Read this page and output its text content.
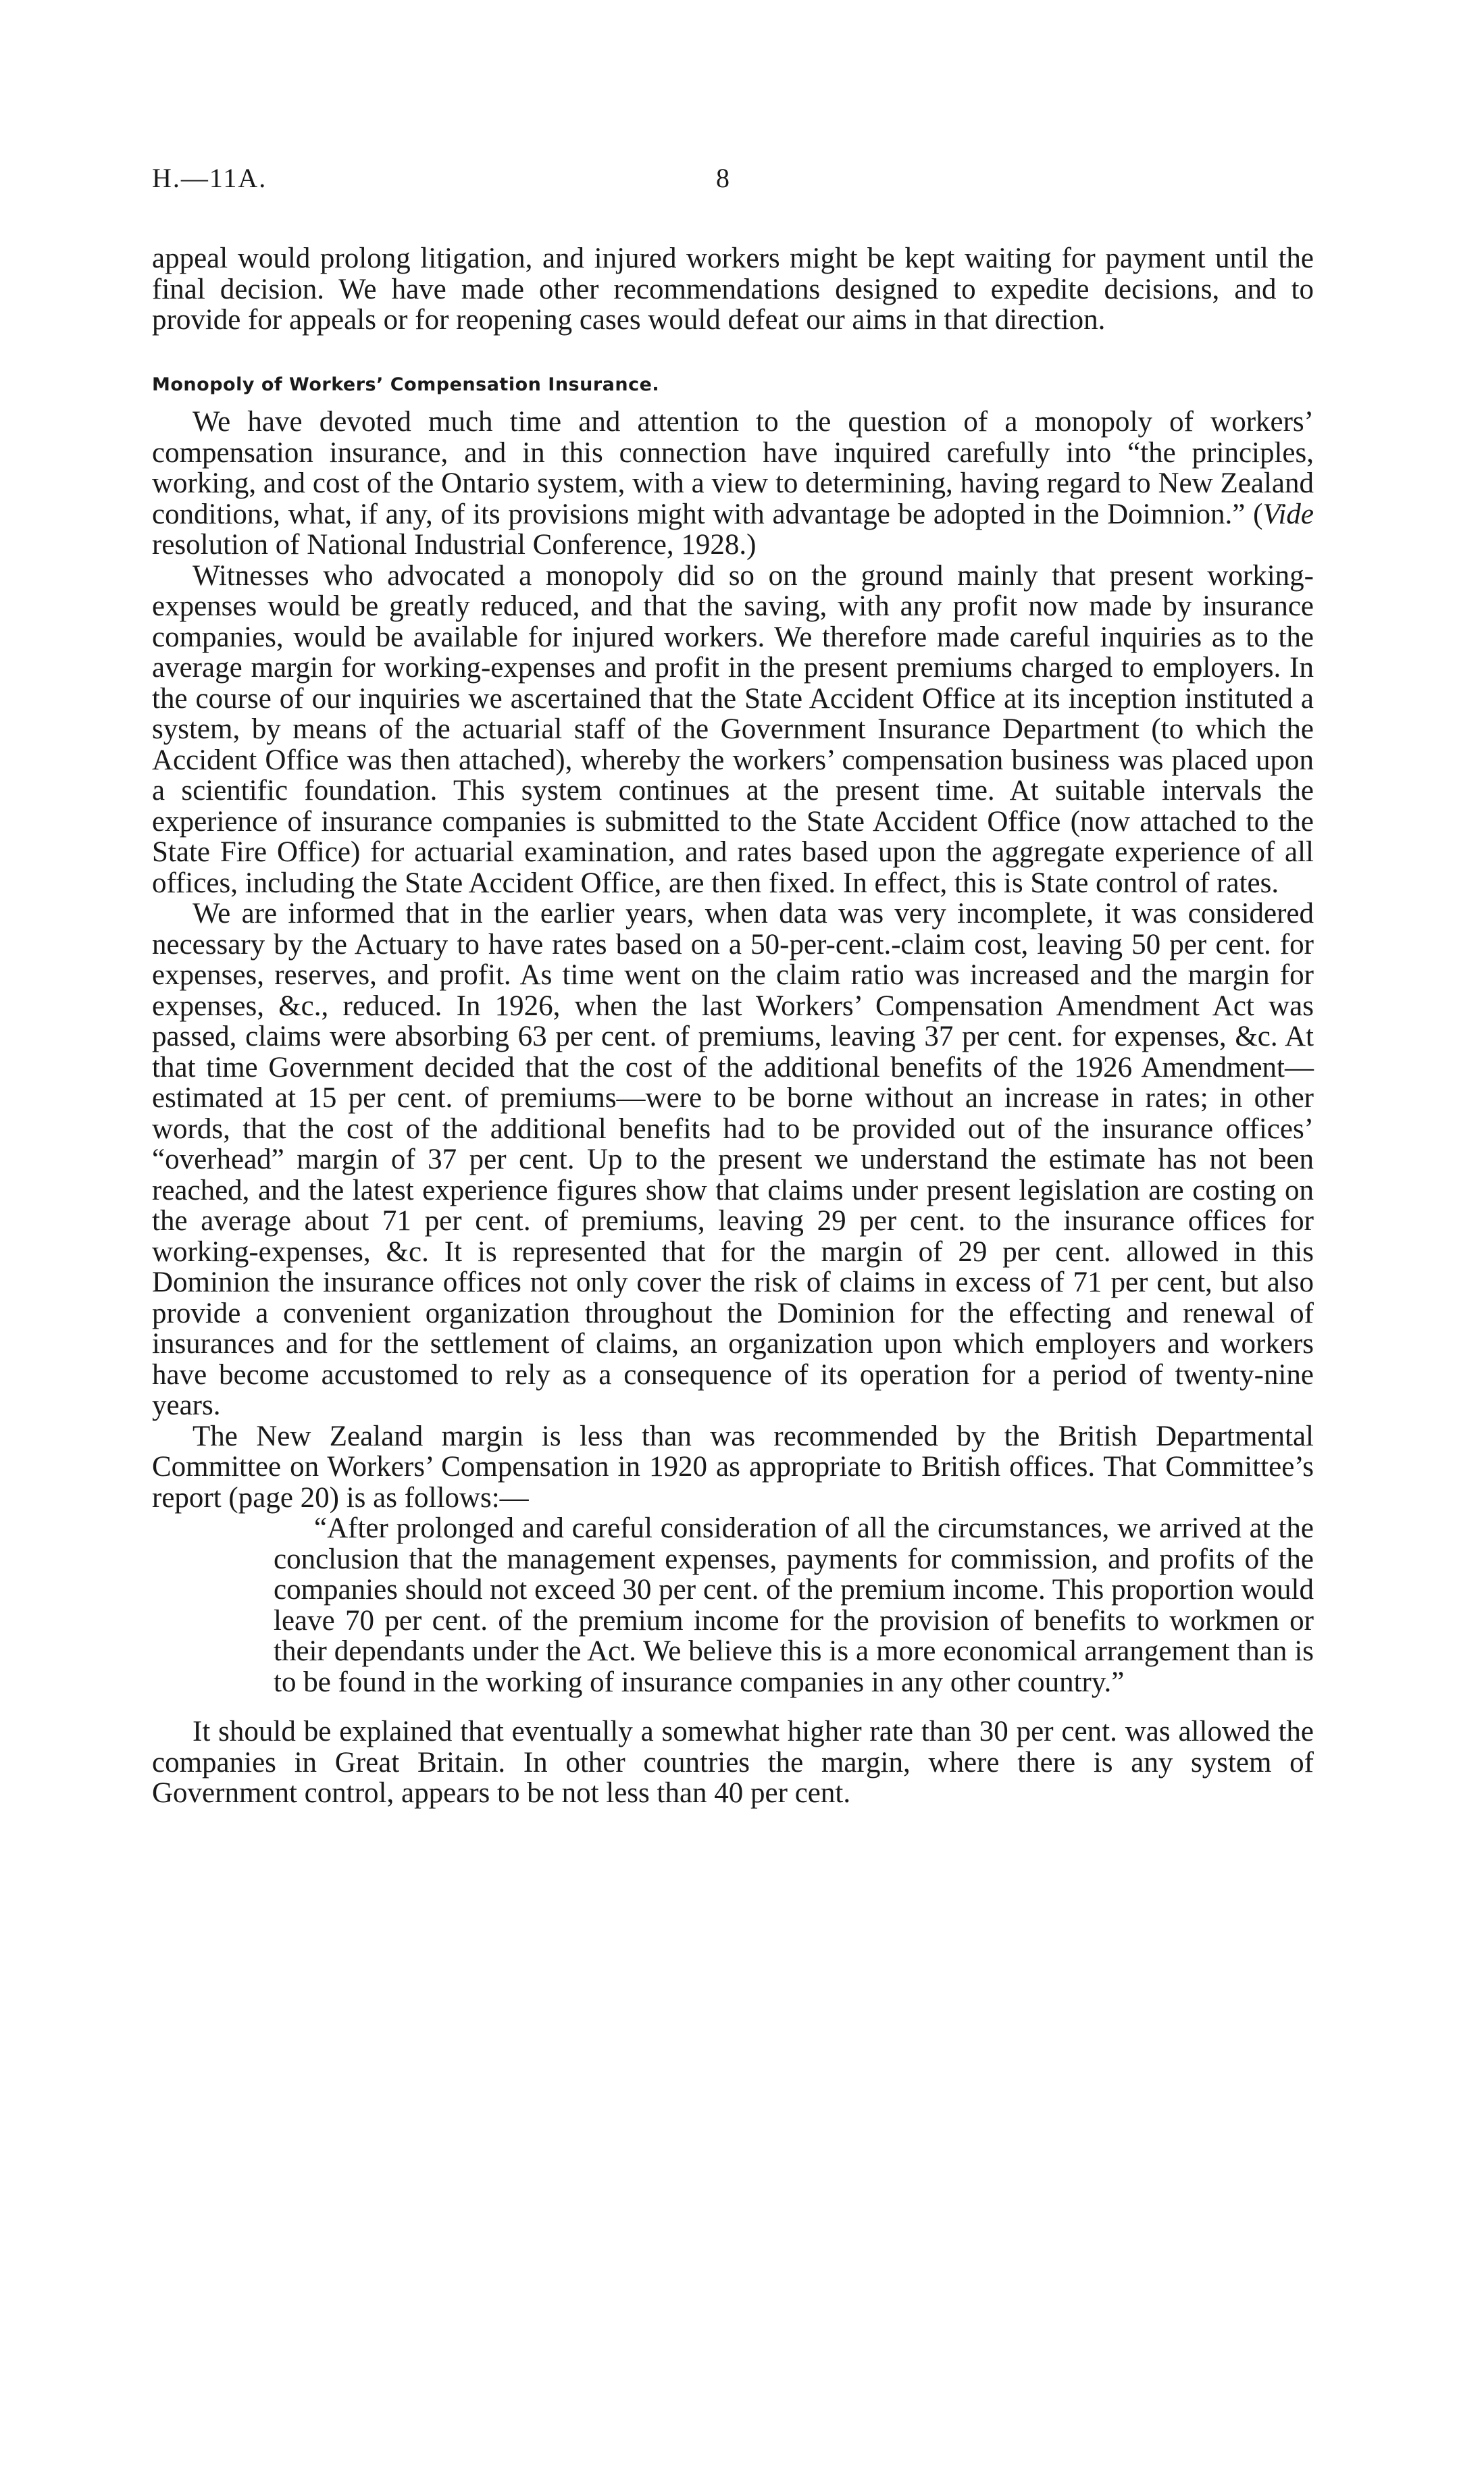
H.—11A.	8

appeal would prolong litigation, and injured workers might be kept waiting for payment until the final decision. We have made other recommendations designed to expedite decisions, and to provide for appeals or for reopening cases would defeat our aims in that direction.

Monopoly of Workers’ Compensation Insurance.

We have devoted much time and attention to the question of a monopoly of workers’ compensation insurance, and in this connection have inquired carefully into “the principles, working, and cost of the Ontario system, with a view to determining, having regard to New Zealand conditions, what, if any, of its provisions might with advantage be adopted in the Doimnion.” (Vide resolution of National Industrial Conference, 1928.)

Witnesses who advocated a monopoly did so on the ground mainly that present working-expenses would be greatly reduced, and that the saving, with any profit now made by insurance companies, would be available for injured workers. We therefore made careful inquiries as to the average margin for working-expenses and profit in the present premiums charged to employers. In the course of our inquiries we ascertained that the State Accident Office at its inception instituted a system, by means of the actuarial staff of the Government Insurance Department (to which the Accident Office was then attached), whereby the workers’ compensation business was placed upon a scientific foundation. This system continues at the present time. At suitable intervals the experience of insurance companies is submitted to the State Accident Office (now attached to the State Fire Office) for actuarial examination, and rates based upon the aggregate experience of all offices, including the State Accident Office, are then fixed. In effect, this is State control of rates.

We are informed that in the earlier years, when data was very incomplete, it was considered necessary by the Actuary to have rates based on a 50-per-cent.-claim cost, leaving 50 per cent. for expenses, reserves, and profit. As time went on the claim ratio was increased and the margin for expenses, &c., reduced. In 1926, when the last Workers’ Compensation Amendment Act was passed, claims were absorbing 63 per cent. of premiums, leaving 37 per cent. for expenses, &c. At that time Government decided that the cost of the additional benefits of the 1926 Amendment—estimated at 15 per cent. of premiums—were to be borne without an increase in rates; in other words, that the cost of the additional benefits had to be provided out of the insurance offices’ “overhead” margin of 37 per cent. Up to the present we understand the estimate has not been reached, and the latest experience figures show that claims under present legislation are costing on the average about 71 per cent. of premiums, leaving 29 per cent. to the insurance offices for working-expenses, &c. It is represented that for the margin of 29 per cent. allowed in this Dominion the insurance offices not only cover the risk of claims in excess of 71 per cent, but also provide a convenient organization throughout the Dominion for the effecting and renewal of insurances and for the settlement of claims, an organization upon which employers and workers have become accustomed to rely as a consequence of its operation for a period of twenty-nine years.

The New Zealand margin is less than was recommended by the British Departmental Committee on Workers’ Compensation in 1920 as appropriate to British offices. That Committee’s report (page 20) is as follows:—

“After prolonged and careful consideration of all the circumstances, we arrived at the conclusion that the management expenses, payments for commission, and profits of the companies should not exceed 30 per cent. of the premium income. This proportion would leave 70 per cent. of the premium income for the provision of benefits to workmen or their dependants under the Act. We believe this is a more economical arrangement than is to be found in the working of insurance companies in any other country.”

It should be explained that eventually a somewhat higher rate than 30 per cent. was allowed the companies in Great Britain. In other countries the margin, where there is any system of Government control, appears to be not less than 40 per cent.
